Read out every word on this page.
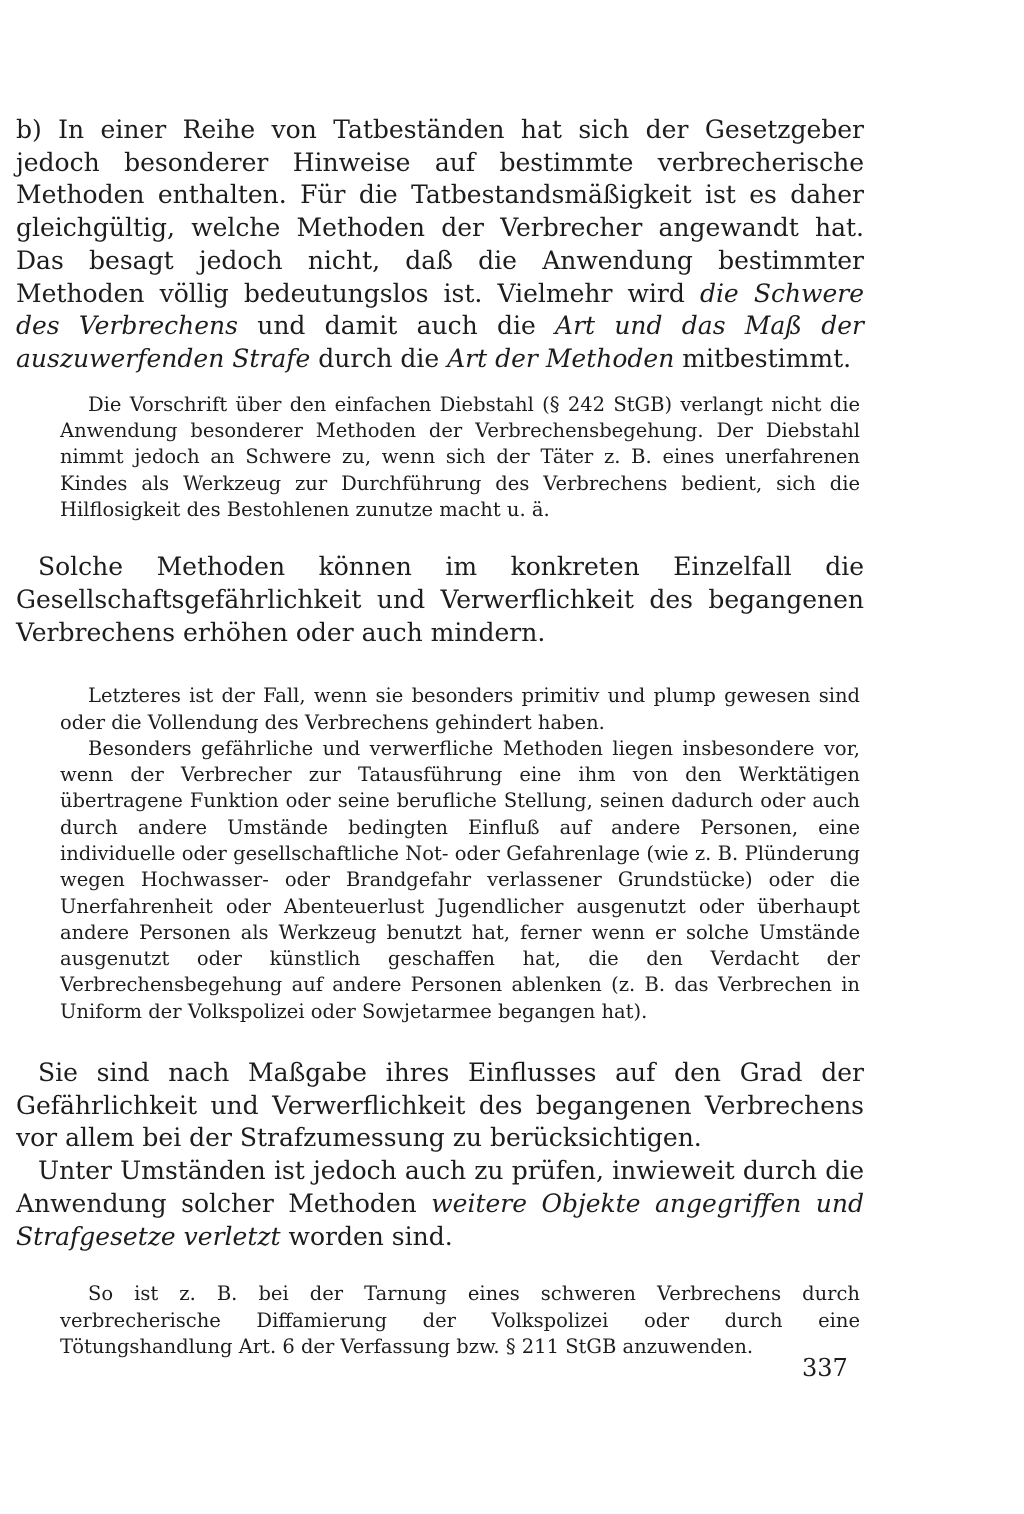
b) In einer Reihe von Tatbeständen hat sich der Gesetzgeber jedoch besonderer Hinweise auf bestimmte verbrecherische Methoden enthalten. Für die Tatbestandsmäßigkeit ist es daher gleichgültig, welche Methoden der Verbrecher angewandt hat. Das besagt jedoch nicht, daß die Anwendung bestimmter Methoden völlig bedeutungslos ist. Vielmehr wird die Schwere des Verbrechens und damit auch die Art und das Maß der auszuwerfenden Strafe durch die Art der Methoden mitbestimmt.

Die Vorschrift über den einfachen Diebstahl (§ 242 StGB) verlangt nicht die Anwendung besonderer Methoden der Verbrechensbegehung. Der Diebstahl nimmt jedoch an Schwere zu, wenn sich der Täter z. B. eines unerfahrenen Kindes als Werkzeug zur Durchführung des Verbrechens bedient, sich die Hilflosigkeit des Bestohlenen zunutze macht u. ä.

Solche Methoden können im konkreten Einzelfall die Gesellschaftsgefährlichkeit und Verwerflichkeit des begangenen Verbrechens erhöhen oder auch mindern.

Letzteres ist der Fall, wenn sie besonders primitiv und plump gewesen sind oder die Vollendung des Verbrechens gehindert haben.

Besonders gefährliche und verwerfliche Methoden liegen insbesondere vor, wenn der Verbrecher zur Tatausführung eine ihm von den Werktätigen übertragene Funktion oder seine berufliche Stellung, seinen dadurch oder auch durch andere Umstände bedingten Einfluß auf andere Personen, eine individuelle oder gesellschaftliche Not- oder Gefahrenlage (wie z. B. Plünderung wegen Hochwasser- oder Brandgefahr verlassener Grundstücke) oder die Unerfahrenheit oder Abenteuerlust Jugendlicher ausgenutzt oder überhaupt andere Personen als Werkzeug benutzt hat, ferner wenn er solche Umstände ausgenutzt oder künstlich geschaffen hat, die den Verdacht der Verbrechensbegehung auf andere Personen ablenken (z. B. das Verbrechen in Uniform der Volkspolizei oder Sowjetarmee begangen hat).

Sie sind nach Maßgabe ihres Einflusses auf den Grad der Gefährlichkeit und Verwerflichkeit des begangenen Verbrechens vor allem bei der Strafzumessung zu berücksichtigen.

Unter Umständen ist jedoch auch zu prüfen, inwieweit durch die Anwendung solcher Methoden weitere Objekte angegriffen und Strafgesetze verletzt worden sind.

So ist z. B. bei der Tarnung eines schweren Verbrechens durch verbrecherische Diffamierung der Volkspolizei oder durch eine Tötungshandlung Art. 6 der Verfassung bzw. § 211 StGB anzuwenden.

337
